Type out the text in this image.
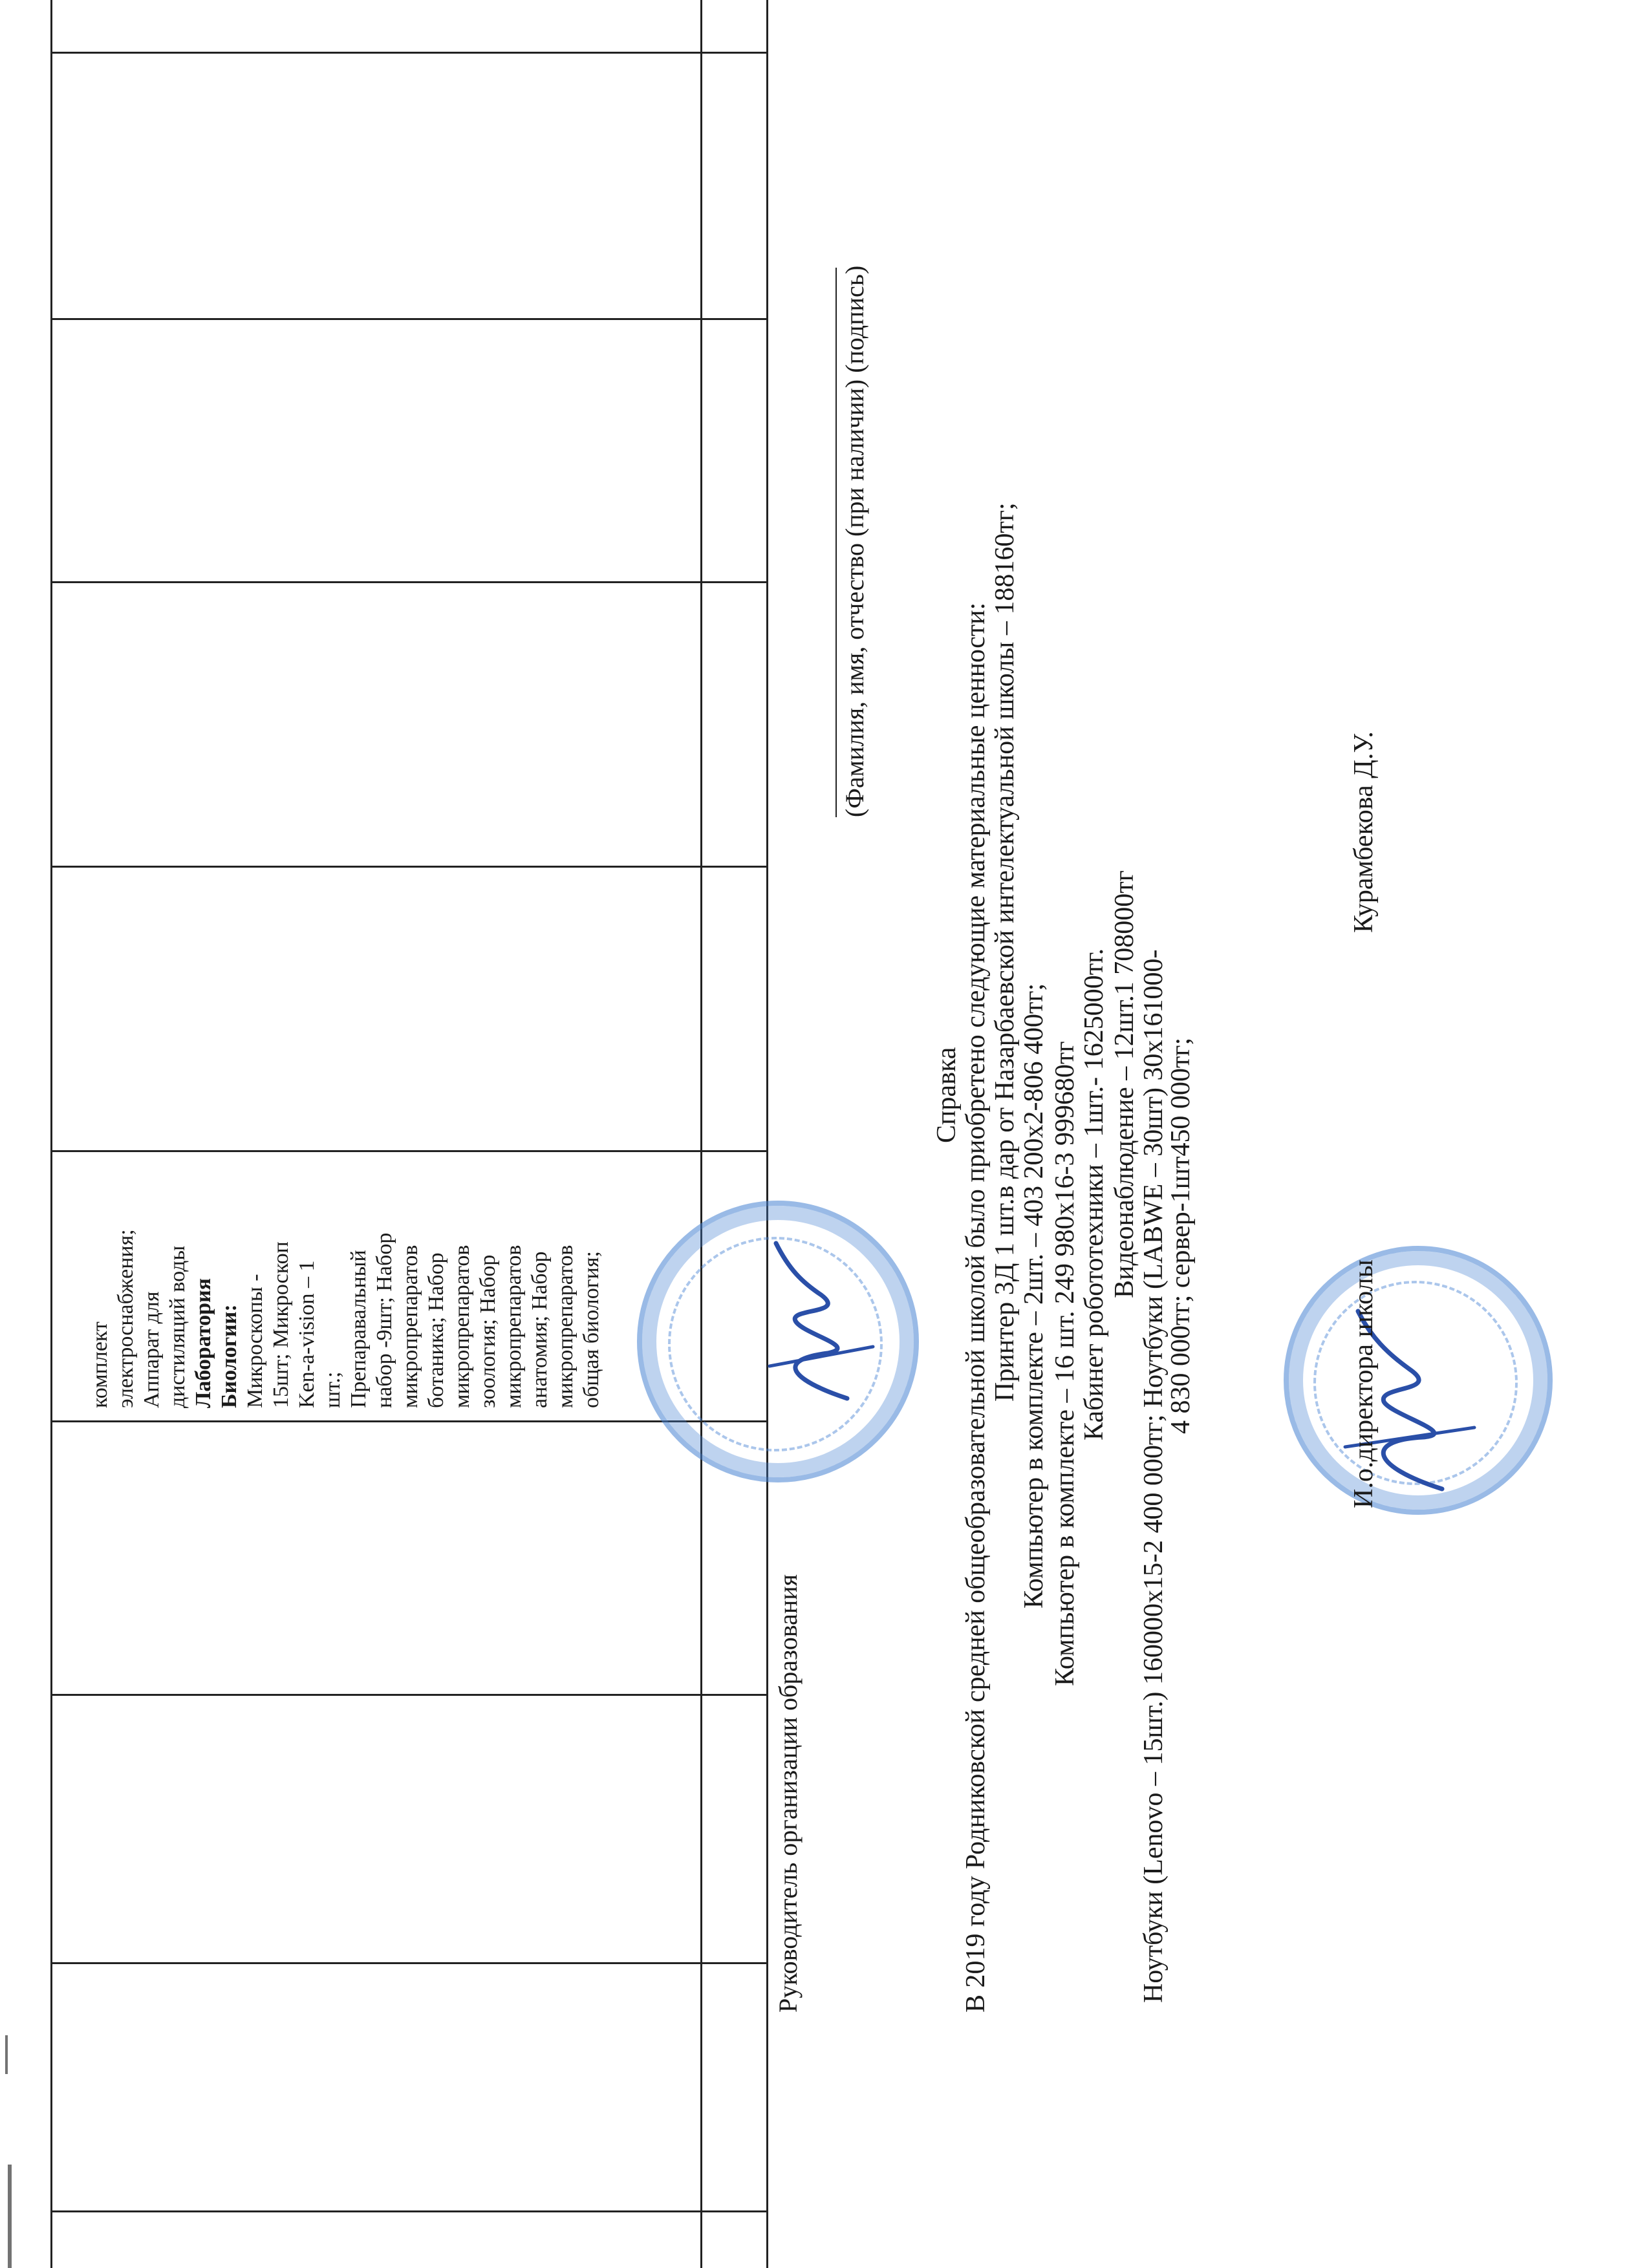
комплект электроснабжения; Аппарат для дистиляций воды Лаборатория Биологии: Микроскопы - 15шт; Микроскоп Ken-a-vision – 1 шт.; Препаравальный набор -9шт; Набор микропрепаратов ботаника; Набор микропрепаратов зоология; Набор микропрепаратов анатомия; Набор микропрепаратов общая биология;
Руководитель организации образования
(Фамилия, имя, отчество (при наличии) (подпись)
Справка В 2019 году Родниковской средней общеобразовательной школой было приобретено следующие материальные ценности: Принтер 3Д 1 шт.в дар от Назарбаевской интелектуальной школы – 188160тг; Компьютер в комплекте – 2шт. – 403 200х2-806 400тг; Компьютер в комплекте – 16 шт. 249 980х16-3 999680тг Кабинет робототехники – 1шт.- 1625000тг. Видеонаблюдение – 12шт.1 708000тг Ноутбуки (Lenovo – 15шт.) 160000х15-2 400 000тг; Ноутбуки (LABWE – 30шт) 30х161000-
4 830 000тг; сервер-1шт450 000тг;	И.о.директора школы
Курамбекова Д.У.
